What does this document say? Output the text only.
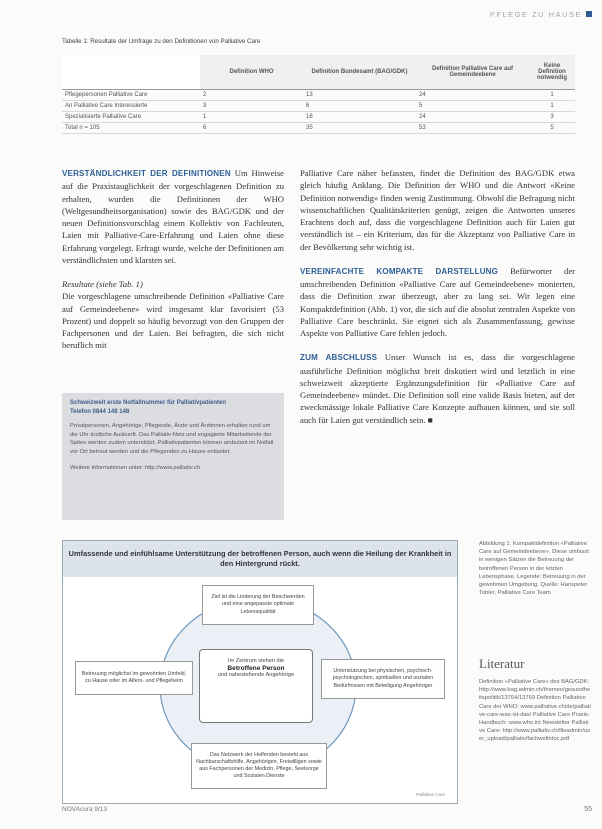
PFLEGE ZU HAUSE
Tabelle 1: Resultate der Umfrage zu den Definitionen von Palliative Care
	Definition WHO	Definition Bundesamt (BAG/GDK)	Definition Palliative Care auf Gemeindeebene	Keine Definition notwendig
Pflegepersonen Palliative Care	2	13	24	1
An Palliative Care Interessierte	3	6	5	1
Spezialisierte Palliative Care	1	16	24	3
Total n = 105	6	35	53	5

VERSTÄNDLICHKEIT DER DEFINITIONEN Um Hinweise auf die Praxistauglichkeit der vorgeschlagenen Definition zu erhalten, wurden die Definitionen der WHO (Weltgesundheitsorganisation) sowie des BAG/GDK und der neuen Definitionsvorschlag einem Kollektiv von Fachleuten, Laien mit Palliative-Care-Erfahrung und Laien ohne diese Erfahrung vorgelegt. Erfragt wurde, welche der Definitionen am verständlichsten und klarsten sei.

Resultate (siehe Tab. 1)

Die vorgeschlagene umschreibende Definition «Palliative Care auf Gemeindeebene» wird insgesamt klar favorisiert (53 Prozent) und doppelt so häufig bevorzugt von den Gruppen der Fachpersonen und der Laien. Bei befragten, die sich nicht beruflich mit

Palliative Care näher befassten, findet die Definition des BAG/GDK etwa gleich häufig Anklang. Die Definition der WHO und die Antwort «Keine Definition notwendig» finden wenig Zustimmung. Obwohl die Befragung nicht wissenschaftlichen Qualitätskriterien genügt, zeigen die Antworten unseres Erachtens doch auf, dass die vorgeschlagene Definition auch für Laien gut verständlich ist – ein Kriterium, das für die Akzeptanz von Palliative Care in der Bevölkerung sehr wichtig ist.

VEREINFACHTE KOMPAKTE DARSTELLUNG Befürworter der umschreibenden Definition «Palliative Care auf Gemeindeebene» monierten, dass die Definition zwar überzeugt, aber zu lang sei. Wir legen eine Kompaktdefinition (Abb. 1) vor, die sich auf die absolut zentralen Aspekte von Palliative Care beschränkt. Sie eignet sich als Zusammenfassung, gewisse Aspekte von Palliative Care fehlen jedoch.

ZUM ABSCHLUSS Unser Wunsch ist es, dass die vorgeschlagene ausführliche Definition möglichst breit diskutiert wird und letztlich in eine schweizweit akzeptierte Ergänzungsdefinition für «Palliative Care auf Gemeindeebene» mündet. Die Definition soll eine valide Basis bieten, auf der zweckmässige lokale Palliative Care Konzepte aufbauen können, und sie soll auch für Laien gut verständlich sein. ■

Schweizweit erste Notfallnummer für Palliativpatienten
Telefon 0844 148 148
Privatpersonen, Angehörige, Pflegende, Ärzte und Ärztinnen erhalten rund um die Uhr ärztliche Auskunft. Das Palliativ-Netz und engagierte Mitarbeitende der Spitex werden zudem unterstützt. Palliativpatienten können ambulant im Notfall vor Ort betreut werden und die Pflegenden zu Hause entlastet.
Weitere Informationen unter: http://www.palliativ.ch
Umfassende und einfühlsame Unterstützung der betroffenen Person, auch wenn die Heilung der Krankheit in den Hintergrund rückt.
Ziel ist die Linderung der Beschwerden und eine angepasste optimale Lebensqualität
Betreuung möglichst im gewohnten Umfeld, zu Hause oder im Alters- und Pflegeheim
Unterstützung bei physischen, psychisch-psychologischen, spirituellen und sozialen Bedürfnissen mit Beteiligung Angehöriger
Das Netzwerk der Helfenden besteht aus Nachbarschaftshilfe, Angehörigen, Freiwilligen sowie aus Fachpersonen der Medizin, Pflege, Seelsorge und Sozialen Dienste
Im Zentrum stehen die
Betroffene Person
und nahestehende Angehörige
Palliative Care
Abbildung 1: Kompaktdefinition «Palliative Care auf Gemeindeebene». Diese umfasst in wenigen Sätzen die Betreuung der betroffenen Person in der letzten Lebensphase. Legende: Betreuung in der gewohnten Umgebung. Quelle: Hanspeter Tobler, Palliative Care Team
Literatur
Definition «Palliative Care» des BAG/GDK: http://www.bag.admin.ch/themen/gesundheitspolitik/13764/13769 Definition Palliative Care der WHO: www.palliative.ch/de/palliative-care-was-ist-das/ Palliative Care Praxis-Handbuch: www.who.int Newsletter Palliative Care: http://www.palliativ.ch/fileadmin/user_upload/palliativ/fachwelt/doc.pdf
NOVAcura 9/13	55
